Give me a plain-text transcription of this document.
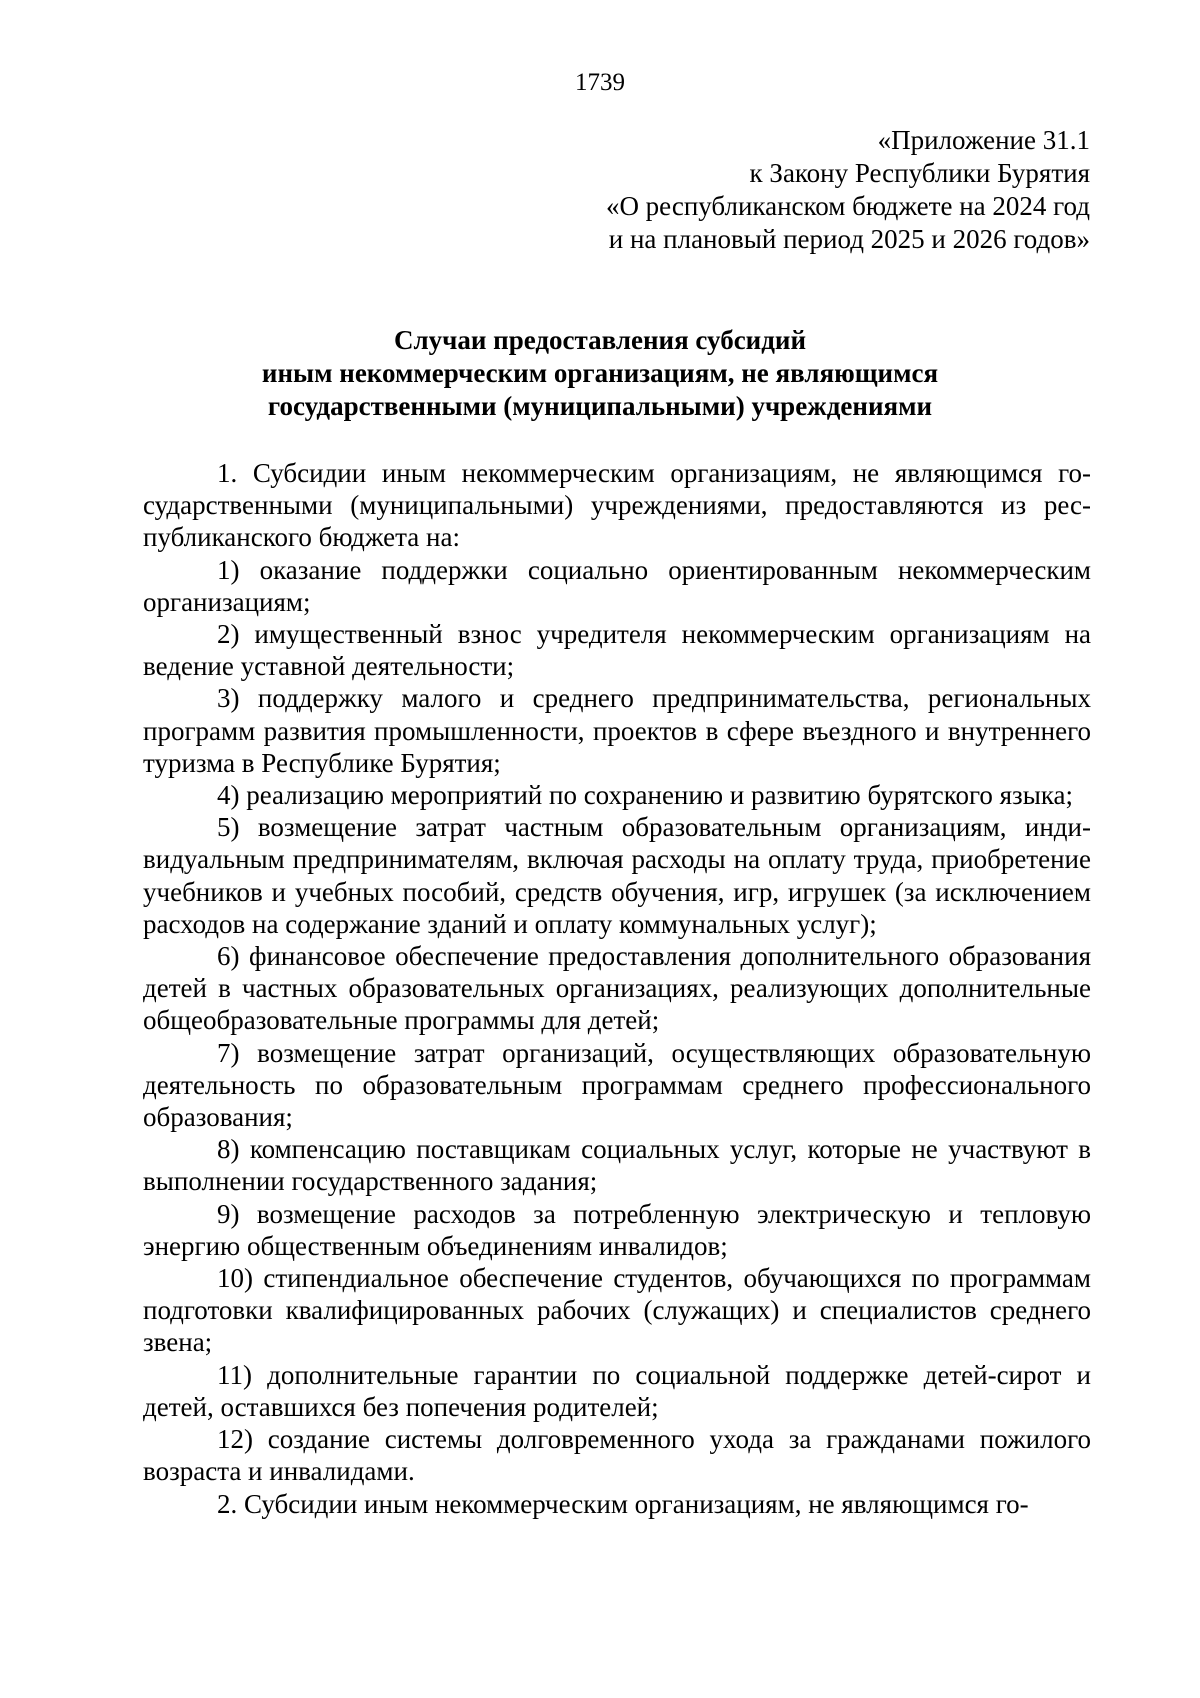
1739
«Приложение 31.1
к Закону Республики Бурятия
«О республиканском бюджете на 2024 год
и на плановый период 2025 и 2026 годов»
Случаи предоставления субсидий
иным некоммерческим организациям, не являющимся
государственными (муниципальными) учреждениями

1. Субсидии иным некоммерческим организациям, не являющимся государственными (муниципальными) учреждениями, предоставляются из республиканского бюджета на:

1) оказание поддержки социально ориентированным некоммерческим организациям;

2) имущественный взнос учредителя некоммерческим организациям на ведение уставной деятельности;

3) поддержку малого и среднего предпринимательства, региональных программ развития промышленности, проектов в сфере въездного и внутреннего туризма в Республике Бурятия;

4) реализацию мероприятий по сохранению и развитию бурятского языка;

5) возмещение затрат частным образовательным организациям, индивидуальным предпринимателям, включая расходы на оплату труда, приобретение учебников и учебных пособий, средств обучения, игр, игрушек (за исключением расходов на содержание зданий и оплату коммунальных услуг);

6) финансовое обеспечение предоставления дополнительного образования детей в частных образовательных организациях, реализующих дополнительные общеобразовательные программы для детей;

7) возмещение затрат организаций, осуществляющих образовательную деятельность по образовательным программам среднего профессионального образования;

8) компенсацию поставщикам социальных услуг, которые не участвуют в выполнении государственного задания;

9) возмещение расходов за потребленную электрическую и тепловую энергию общественным объединениям инвалидов;

10) стипендиальное обеспечение студентов, обучающихся по программам подготовки квалифицированных рабочих (служащих) и специалистов среднего звена;

11) дополнительные гарантии по социальной поддержке детей-сирот и детей, оставшихся без попечения родителей;

12) создание системы долговременного ухода за гражданами пожилого возраста и инвалидами.

2. Субсидии иным некоммерческим организациям, не являющимся го-
